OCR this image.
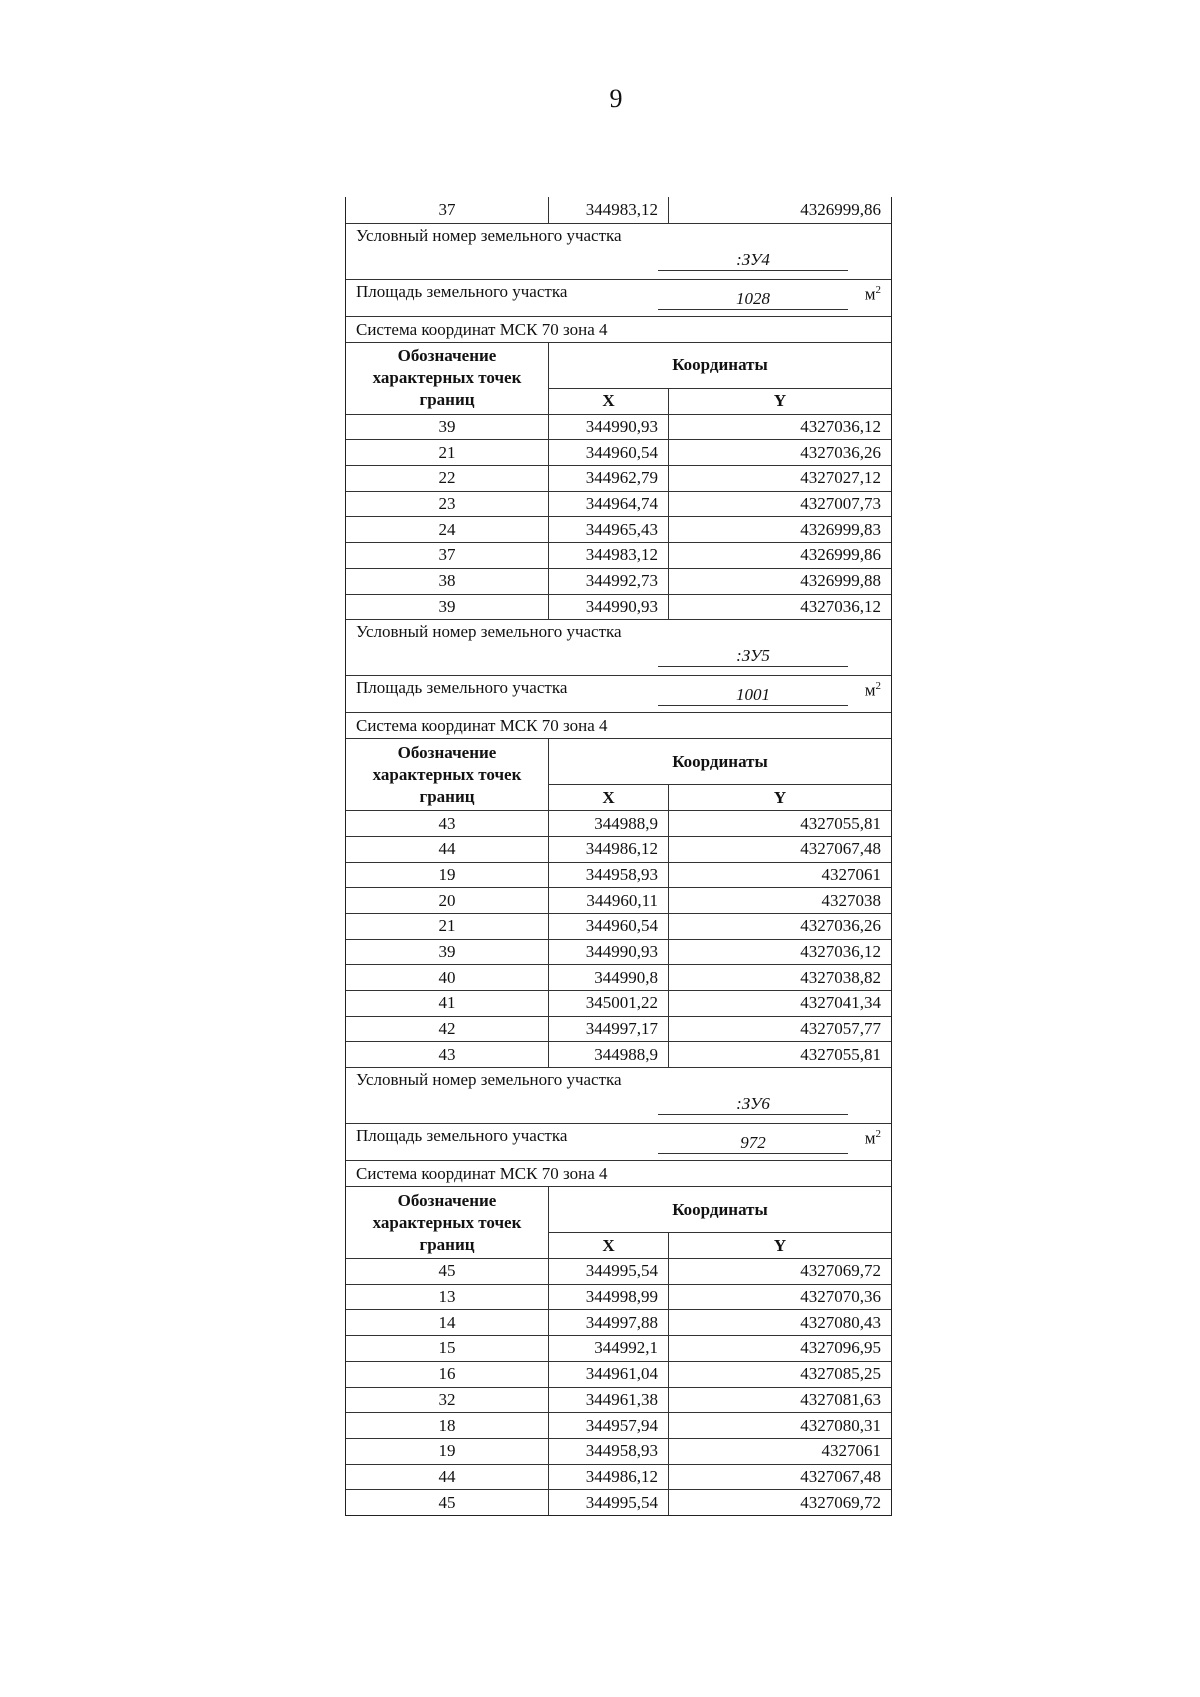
9
37	344983,12	4326999,86
Условный номер земельного участка
:ЗУ4
Площадь земельного участка	1028	$м^2$
Система координат МСК 70 зона 4
Обозначение характерных точек границ
Координаты
X	Y
39	344990,93	4327036,12
21	344960,54	4327036,26
22	344962,79	4327027,12
23	344964,74	4327007,73
24	344965,43	4326999,83
37	344983,12	4326999,86
38	344992,73	4326999,88
39	344990,93	4327036,12
Условный номер земельного участка
:ЗУ5
Площадь земельного участка	1001	$м^2$
Система координат МСК 70 зона 4
Обозначение характерных точек границ
Координаты
X	Y
43	344988,9	4327055,81
44	344986,12	4327067,48
19	344958,93	4327061
20	344960,11	4327038
21	344960,54	4327036,26
39	344990,93	4327036,12
40	344990,8	4327038,82
41	345001,22	4327041,34
42	344997,17	4327057,77
43	344988,9	4327055,81
Условный номер земельного участка
:ЗУ6
Площадь земельного участка	972	$м^2$
Система координат МСК 70 зона 4
Обозначение характерных точек границ
Координаты
X	Y
45	344995,54	4327069,72
13	344998,99	4327070,36
14	344997,88	4327080,43
15	344992,1	4327096,95
16	344961,04	4327085,25
32	344961,38	4327081,63
18	344957,94	4327080,31
19	344958,93	4327061
44	344986,12	4327067,48
45	344995,54	4327069,72
